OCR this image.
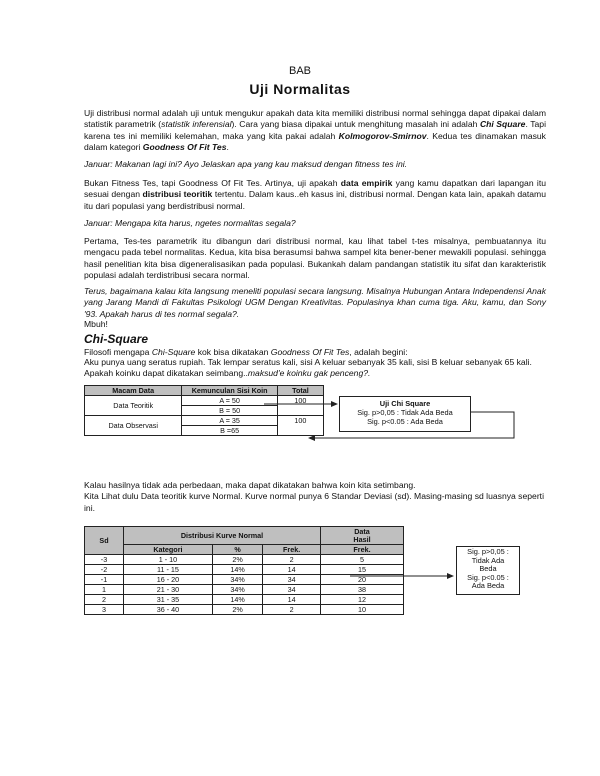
BAB
Uji Normalitas

Uji distribusi normal adalah uji untuk mengukur apakah data kita memiliki distribusi normal sehingga dapat dipakai dalam statistik parametrik (statistik inferensial). Cara yang biasa dipakai untuk menghitung masalah ini adalah Chi Square. Tapi karena tes ini memiliki kelemahan, maka yang kita pakai adalah Kolmogorov-Smirnov. Kedua tes dinamakan masuk dalam kategori Goodness Of Fit Tes.

Januar: Makanan lagi ini? Ayo Jelaskan apa yang kau maksud dengan fitness tes ini.

Bukan Fitness Tes, tapi Goodness Of Fit Tes. Artinya, uji apakah data empirik yang kamu dapatkan dari lapangan itu sesuai dengan distribusi teoritik tertentu. Dalam kaus..eh kasus ini, distribusi normal. Dengan kata lain, apakah datamu itu dari populasi yang berdistribusi normal.

Januar: Mengapa kita harus, ngetes normalitas segala?

Pertama, Tes-tes parametrik itu dibangun dari distribusi normal, kau lihat tabel t-tes misalnya, pembuatannya itu mengacu pada tebel normalitas. Kedua, kita bisa berasumsi bahwa sampel kita bener-bener mewakili populasi. sehingga hasil penelitian kita bisa digeneralisasikan pada populasi. Bukankah dalam pandangan statistik itu sifat dan karakteristik populasi adalah terdistribusi secara normal.

Terus, bagaimana kalau kita langsung meneliti populasi secara langsung. Misalnya Hubungan Antara Independensi Anak yang Jarang Mandi di Fakultas Psikologi UGM Dengan Kreativitas. Populasinya khan cuma tiga. Aku, kamu, dan Sony '93. Apakah harus di tes normal segala?.

Mbuh!

Chi-Square

Filosofi mengapa Chi-Square kok bisa dikatakan Goodness Of Fit Tes, adalah begini:

Aku punya uang seratus rupiah. Tak lempar seratus kali, sisi A keluar sebanyak 35 kali, sisi B keluar sebanyak 65 kali. Apakah koinku dapat dikatakan seimbang..maksud'e koinku gak penceng?.

Macam Data	Kemunculan Sisi Koin	Total
Data Teoritik	A = 50	100
	B = 50	
Data Observasi	A = 35	100
	B =65	
Uji Chi Square
Sig. p>0,05 : Tidak Ada Beda
Sig. p<0.05 : Ada Beda

Kalau hasilnya tidak ada perbedaan, maka dapat dikatakan bahwa koin kita setimbang.
Kita Lihat dulu Data teoritik kurve Normal. Kurve normal punya 6 Standar Deviasi (sd). Masing-masing sd luasnya seperti ini.

Sd	Distribusi Kurve Normal			Data
Hasil
	Kategori	%	Frek.	Frek.
-3	1 - 10	2%	2	5
-2	11 - 15	14%	14	15
-1	16 - 20	34%	34	20
1	21 - 30	34%	34	38
2	31 - 35	14%	14	12
3	36 - 40	2%	2	10
Sig. p>0,05 :
Tidak Ada
Beda
Sig. p<0.05 :
Ada Beda
